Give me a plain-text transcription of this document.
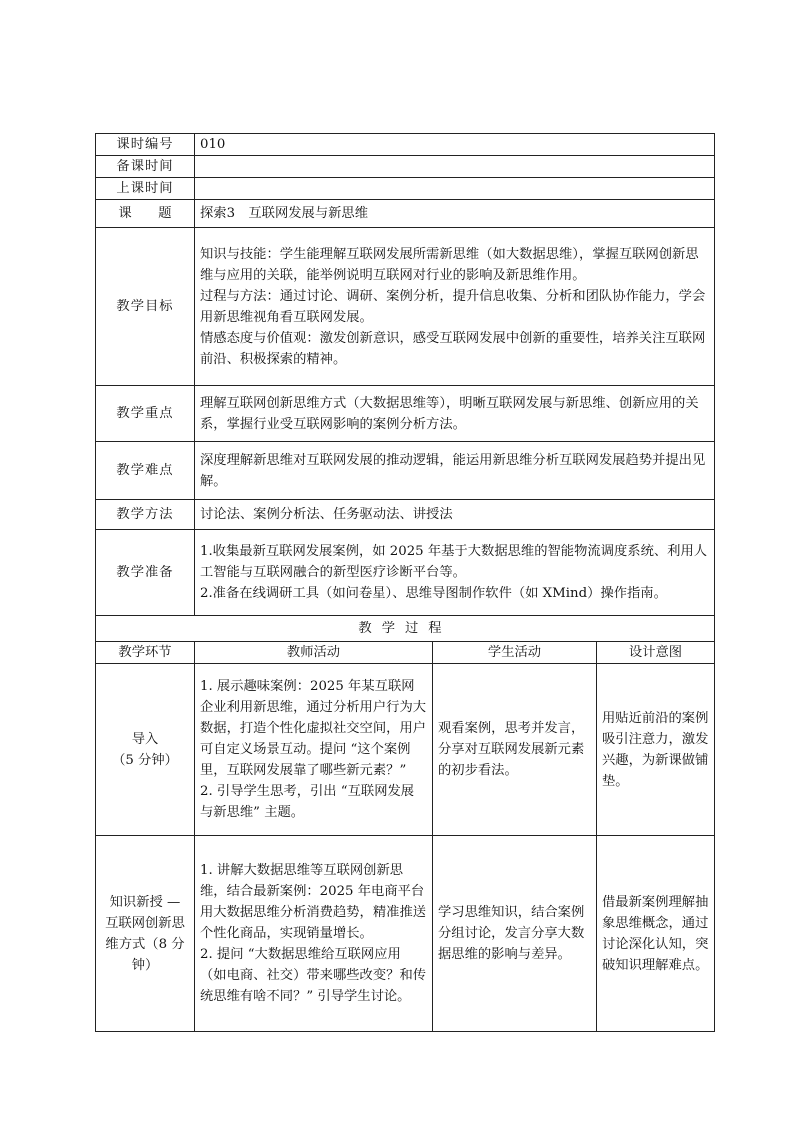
课时编号	010		
备课时间			
上课时间			
课　　题	探索3　互联网发展与新思维		
教学目标	知识与技能：学生能理解互联网发展所需新思维（如大数据思维），掌握互联网创新思维与应用的关联，能举例说明互联网对行业的影响及新思维作用。
过程与方法：通过讨论、调研、案例分析，提升信息收集、分析和团队协作能力，学会用新思维视角看互联网发展。
情感态度与价值观：激发创新意识，感受互联网发展中创新的重要性，培养关注互联网前沿、积极探索的精神。		

教学重点	理解互联网创新思维方式（大数据思维等），明晰互联网发展与新思维、创新应用的关系，掌握行业受互联网影响的案例分析方法。		
教学难点	深度理解新思维对互联网发展的推动逻辑，能运用新思维分析互联网发展趋势并提出见解。		
教学方法	讨论法、案例分析法、任务驱动法、讲授法		
教学准备	1.收集最新互联网发展案例，如 2025 年基于大数据思维的智能物流调度系统、利用人工智能与互联网融合的新型医疗诊断平台等。
2.准备在线调研工具（如问卷星）、思维导图制作软件（如 XMind）操作指南。		

教学过程			
教学环节	教师活动	学生活动	设计意图
导入
（5 分钟）	1. 展示趣味案例：2025 年某互联网企业利用新思维，通过分析用户行为大数据，打造个性化虚拟社交空间，用户可自定义场景互动。提问 “这个案例里，互联网发展靠了哪些新元素？”
2. 引导学生思考，引出 “互联网发展与新思维” 主题。	观看案例，思考并发言，分享对互联网发展新元素的初步看法。	用贴近前沿的案例吸引注意力，激发兴趣，为新课做铺垫。
知识新授 — 互联网创新思维方式（8 分钟）	1. 讲解大数据思维等互联网创新思维，结合最新案例：2025 年电商平台用大数据思维分析消费趋势，精准推送个性化商品，实现销量增长。
2. 提问 “大数据思维给互联网应用（如电商、社交）带来哪些改变？和传统思维有啥不同？” 引导学生讨论。	学习思维知识，结合案例分组讨论，发言分享大数据思维的影响与差异。	借最新案例理解抽象思维概念，通过讨论深化认知，突破知识理解难点。
